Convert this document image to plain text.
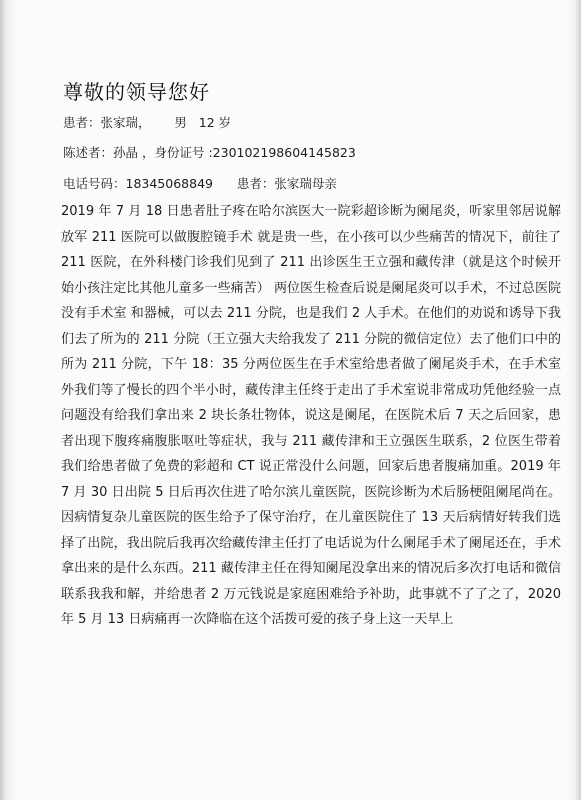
尊敬的领导您好
患者：张家瑞，      男   12 岁
陈述者：孙晶 ，身份证号 :230102198604145823
电话号码：18345068849      患者：张家瑞母亲

2019 年 7 月 18 日患者肚子疼在哈尔滨医大一院彩超诊断为阑尾炎，听家里邻居说解放军 211 医院可以做腹腔镜手术 就是贵一些，在小孩可以少些痛苦的情况下，前往了 211 医院，在外科楼门诊我们见到了 211 出诊医生王立强和藏传津（就是这个时候开始小孩注定比其他儿童多一些痛苦） 两位医生检查后说是阑尾炎可以手术，不过总医院没有手术室 和器械，可以去 211 分院，也是我们 2 人手术。在他们的劝说和诱导下我们去了所为的 211 分院（王立强大夫给我发了 211 分院的微信定位）去了他们口中的所为 211 分院，下午 18：35 分两位医生在手术室给患者做了阑尾炎手术，在手术室外我们等了慢长的四个半小时，藏传津主任终于走出了手术室说非常成功凭他经验一点问题没有给我们拿出来 2 块长条壮物体，说这是阑尾，在医院术后 7 天之后回家，患者出现下腹疼痛腹胀呕吐等症状，我与 211 藏传津和王立强医生联系，2 位医生带着我们给患者做了免费的彩超和 CT 说正常没什么问题，回家后患者腹痛加重。2019 年 7 月 30 日出院 5 日后再次住进了哈尔滨儿童医院，医院诊断为术后肠梗阻阑尾尚在。因病情复杂儿童医院的医生给予了保守治疗，在儿童医院住了 13 天后病情好转我们选择了出院，我出院后我再次给藏传津主任打了电话说为什么阑尾手术了阑尾还在，手术拿出来的是什么东西。211 藏传津主任在得知阑尾没拿出来的情况后多次打电话和微信联系我我和解，并给患者 2 万元钱说是家庭困难给予补助，此事就不了了之了，2020 年 5 月 13 日病痛再一次降临在这个活拨可爱的孩子身上这一天早上
